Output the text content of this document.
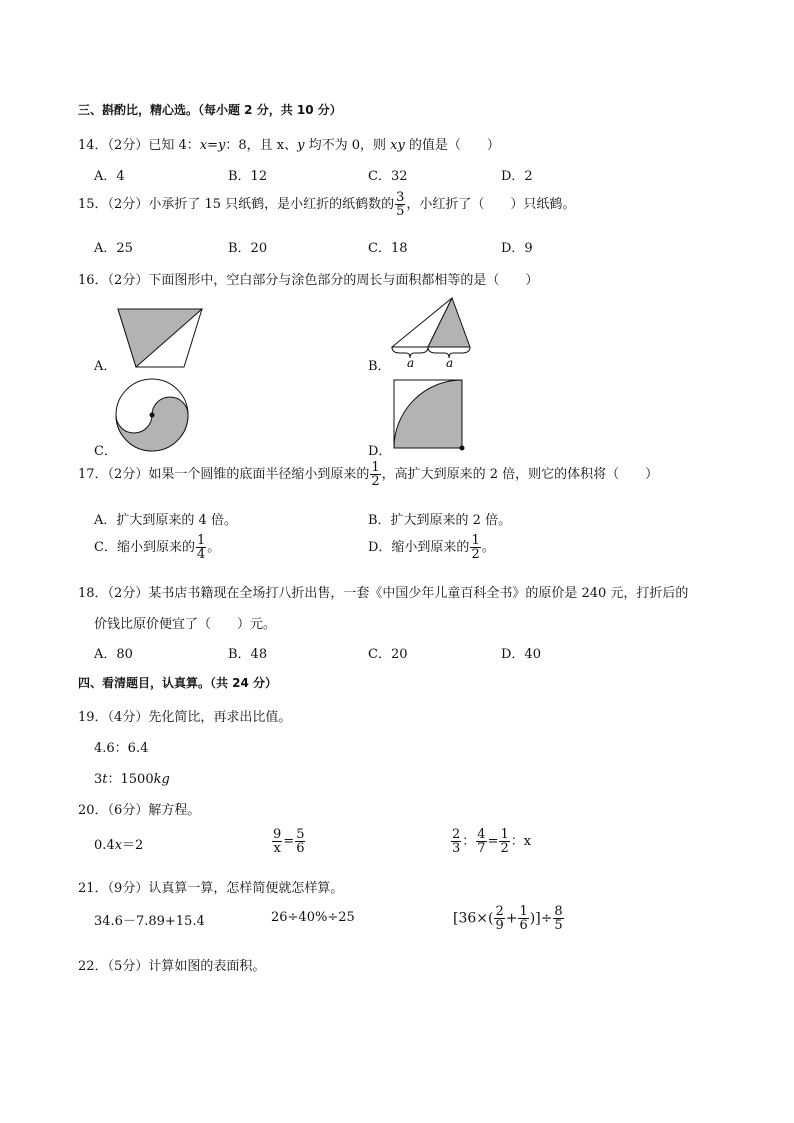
三、斟酌比，精心选。（每小题 2 分，共 10 分）
14．（2分）已知 4：x=y：8，且 x、y 均不为 0，则 xy 的值是（　　）
A．4	B．12	C．32	D．2
15．（2分）小承折了 15 只纸鹤，是小红折的纸鹤数的 $\frac{3}{5}$ ，小红折了（　　）只纸鹤。
A．25	B．20	C．18	D．9
16．（2分）下面图形中，空白部分与涂色部分的周长与面积都相等的是（　　）
A．	a	a
B．
C．	D．
17．（2分）如果一个圆锥的底面半径缩小到原来的 $\frac{1}{2}$ ，高扩大到原来的 2 倍，则它的体积将（　　）
A．扩大到原来的 4 倍。	B．扩大到原来的 2 倍。
C．缩小到原来的 $\frac{1}{4}$ 。	D．缩小到原来的 $\frac{1}{2}$ 。
18．（2分）某书店书籍现在全场打八折出售，一套《中国少年儿童百科全书》的原价是 240 元，打折后的
价钱比原价便宜了（　　）元。
A．80	B．48	C．20	D．40
四、看清题目，认真算。（共 24 分）
19．（4分）先化简比，再求出比值。
4.6：6.4
3t：1500kg
20．（6分）解方程。
0.4x＝2	$\frac{9}{x} = \frac{5}{6}$	$\frac{2}{3}$ ： $\frac{4}{7} = \frac{1}{2}$ ：x
21．（9分）认真算一算，怎样简便就怎样算。
34.6－7.89+15.4	26÷40%÷25	[$36\times( \frac{2}{9} + \frac{1}{6}$ )]÷ $\frac{8}{5}$
22．（5分）计算如图的表面积。
